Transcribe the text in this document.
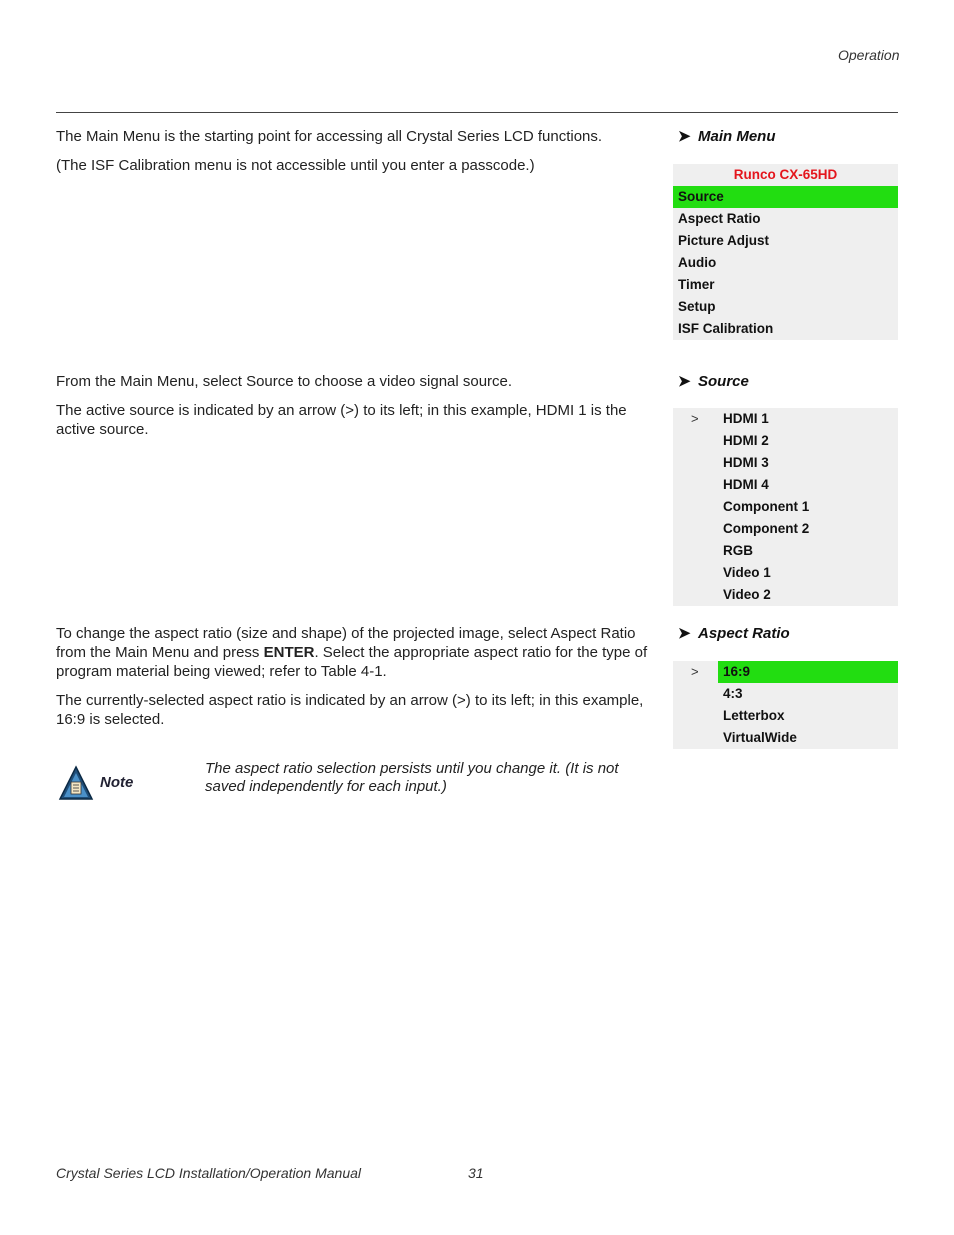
Operation
The Main Menu is the starting point for accessing all Crystal Series LCD functions.
(The ISF Calibration menu is not accessible until you enter a passcode.)
➤ Main Menu
Runco CX-65HD
Source
Aspect Ratio
Picture Adjust
Audio
Timer
Setup
ISF Calibration
From the Main Menu, select Source to choose a video signal source.
The active source is indicated by an arrow (>) to its left; in this example, HDMI 1 is the active source.
➤ Source
> HDMI 1
HDMI 2
HDMI 3
HDMI 4
Component 1
Component 2
RGB
Video 1
Video 2
To change the aspect ratio (size and shape) of the projected image, select Aspect Ratio from the Main Menu and press ENTER. Select the appropriate aspect ratio for the type of program material being viewed; refer to Table 4-1.
The currently-selected aspect ratio is indicated by an arrow (>) to its left; in this example, 16:9 is selected.
➤ Aspect Ratio
>	16:9
4:3
Letterbox
VirtualWide
Note
The aspect ratio selection persists until you change it. (It is not saved independently for each input.)
Crystal Series LCD Installation/Operation Manual	31
